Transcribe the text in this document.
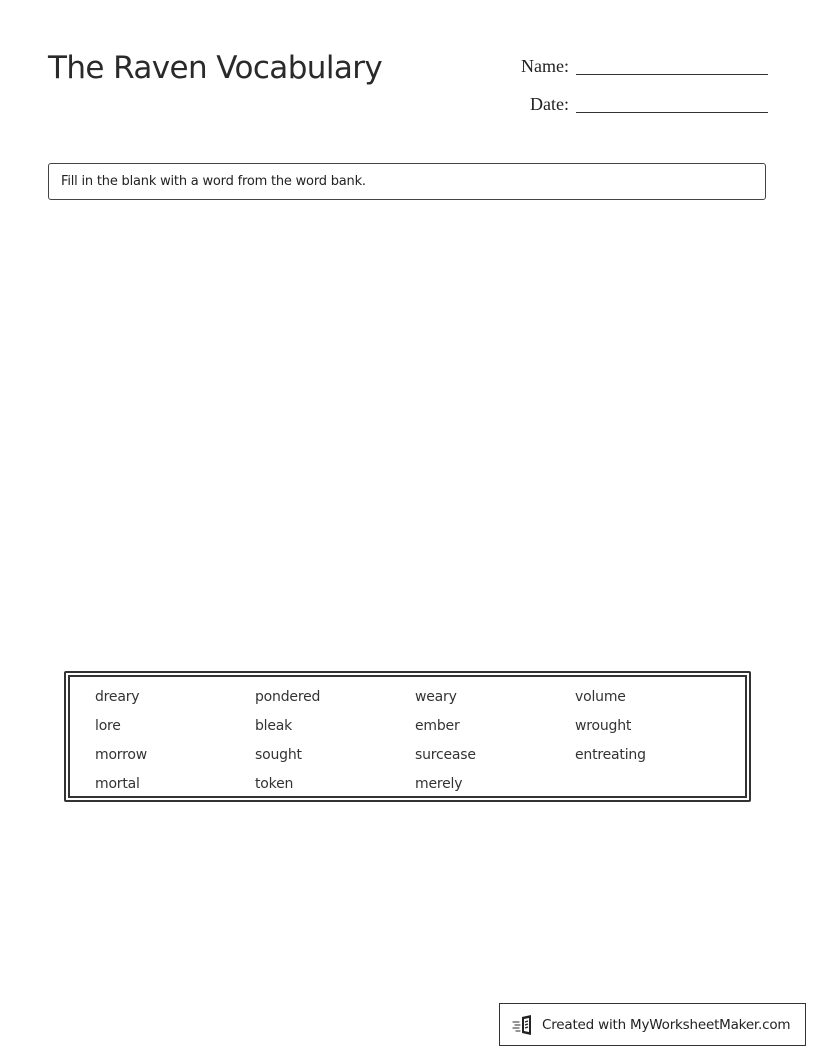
The Raven Vocabulary	Name:
Date:
Fill in the blank with a word from the word bank.
dreary	pondered	weary	volume
lore	bleak	ember	wrought
morrow	sought	surcease	entreating
mortal	token	merely
Created with MyWorksheetMaker.com
